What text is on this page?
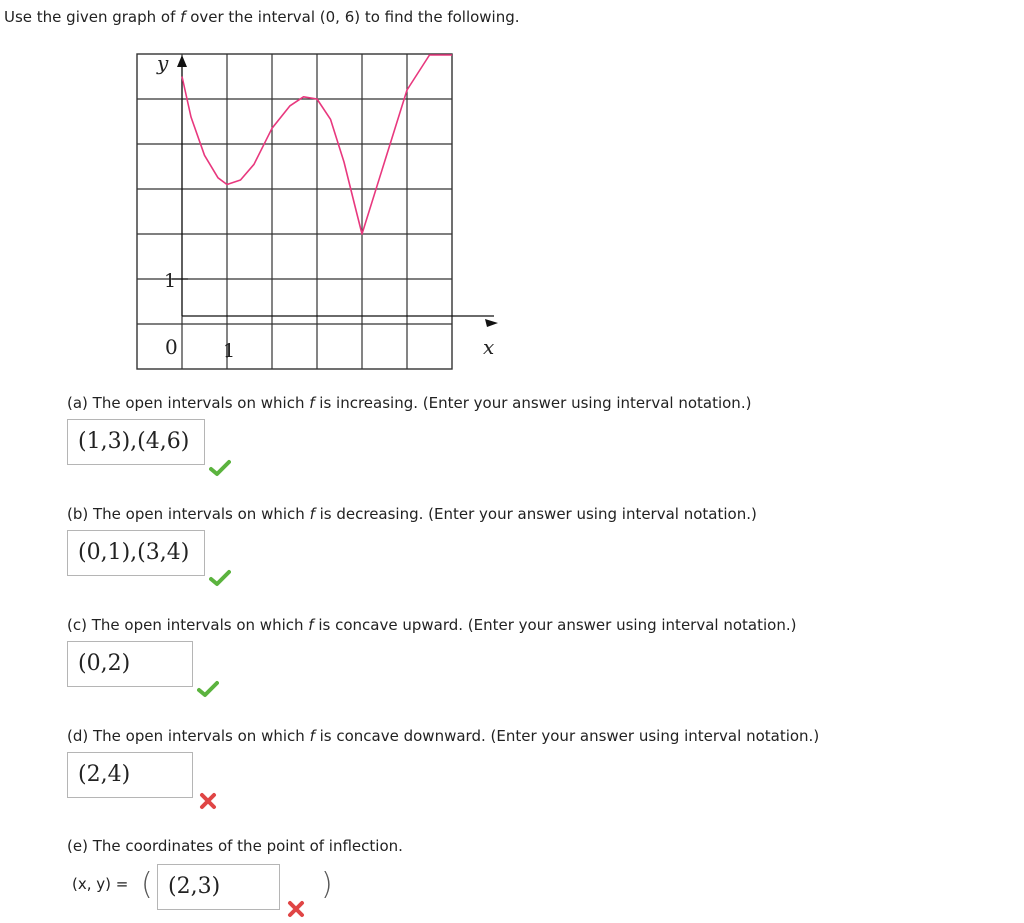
Use the given graph of f over the interval (0, 6) to find the following.
y
x
0 1
1
(a) The open intervals on which f is increasing. (Enter your answer using interval notation.)
(1,3),(4,6)
(b) The open intervals on which f is decreasing. (Enter your answer using interval notation.)
(0,1),(3,4)
(c) The open intervals on which f is concave upward. (Enter your answer using interval notation.)
(0,2)
(d) The open intervals on which f is concave downward. (Enter your answer using interval notation.)
(2,4)
(e) The coordinates of the point of inflection.
(x, y) = ( (2,3)	)
